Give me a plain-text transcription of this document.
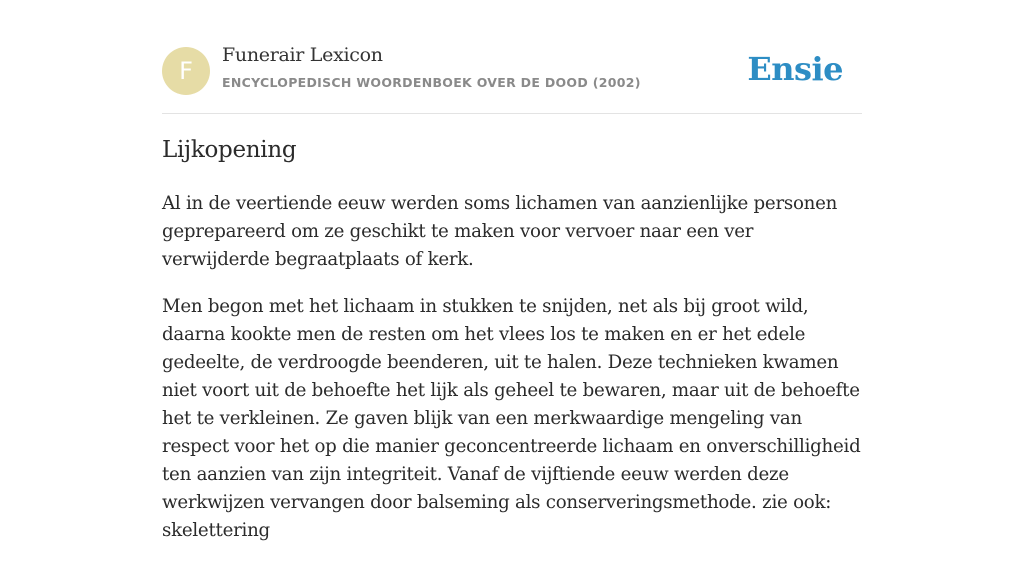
F
Funerair Lexicon
ENCYCLOPEDISCH WOORDENBOEK OVER DE DOOD (2002)	Ensie
Lijkopening

Al in de veertiende eeuw werden soms lichamen van aanzienlijke personen geprepareerd om ze geschikt te maken voor vervoer naar een ver verwijderde begraatplaats of kerk.

Men begon met het lichaam in stukken te snijden, net als bij groot wild, daarna kookte men de resten om het vlees los te maken en er het edele gedeelte, de verdroogde beenderen, uit te halen. Deze technieken kwamen niet voort uit de behoefte het lijk als geheel te bewaren, maar uit de behoefte het te verkleinen. Ze gaven blijk van een merkwaardige mengeling van respect voor het op die manier geconcentreerde lichaam en onverschilligheid ten aanzien van zijn integriteit. Vanaf de vijftiende eeuw werden deze werkwijzen vervangen door balseming als conserveringsmethode. zie ook: skelettering
